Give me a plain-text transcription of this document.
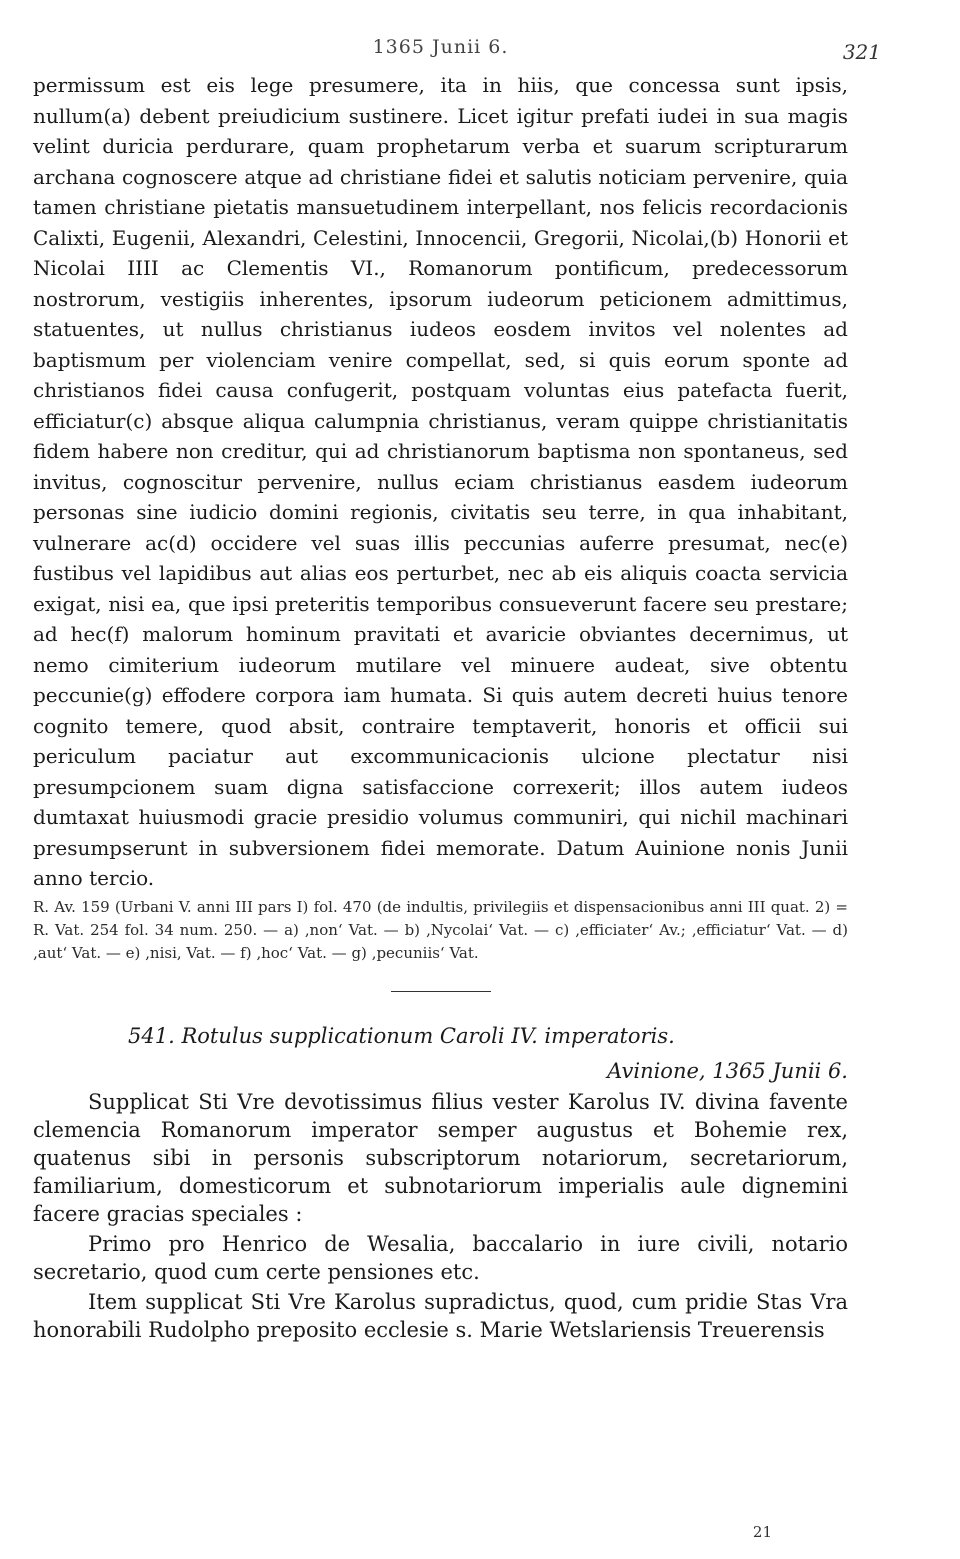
1365 Junii 6.	321

permissum est eis lege presumere, ita in hiis, que concessa sunt ipsis, nullum(a) debent preiudicium sustinere. Licet igitur prefati iudei in sua magis velint duricia perdurare, quam prophetarum verba et suarum scripturarum archana cognoscere atque ad christiane fidei et salutis noticiam pervenire, quia tamen christiane pietatis mansuetudinem interpellant, nos felicis recordacionis Calixti, Eugenii, Alexandri, Celestini, Innocencii, Gregorii, Nicolai,(b) Honorii et Nicolai IIII ac Clementis VI., Romanorum pontificum, predecessorum nostrorum, vestigiis inherentes, ipsorum iudeorum peticionem admittimus, statuentes, ut nullus christianus iudeos eosdem invitos vel nolentes ad baptismum per violenciam venire compellat, sed, si quis eorum sponte ad christianos fidei causa confugerit, postquam voluntas eius patefacta fuerit, efficiatur(c) absque aliqua calumpnia christianus, veram quippe christianitatis fidem habere non creditur, qui ad christianorum baptisma non spontaneus, sed invitus, cognoscitur pervenire, nullus eciam christianus easdem iudeorum personas sine iudicio domini regionis, civitatis seu terre, in qua inhabitant, vulnerare ac(d) occidere vel suas illis peccunias auferre presumat, nec(e) fustibus vel lapidibus aut alias eos perturbet, nec ab eis aliquis coacta servicia exigat, nisi ea, que ipsi preteritis temporibus consueverunt facere seu prestare; ad hec(f) malorum hominum pravitati et avaricie obviantes decernimus, ut nemo cimiterium iudeorum mutilare vel minuere audeat, sive obtentu peccunie(g) effodere corpora iam humata. Si quis autem decreti huius tenore cognito temere, quod absit, contraire temptaverit, honoris et officii sui periculum paciatur aut excommunicacionis ulcione plectatur nisi presumpcionem suam digna satisfaccione correxerit; illos autem iudeos dumtaxat huiusmodi gracie presidio volumus communiri, qui nichil machinari presumpserunt in subversionem fidei memorate. Datum Auinione nonis Junii anno tercio.

R. Av. 159 (Urbani V. anni III pars I) fol. 470 (de indultis, privilegiis et dispensacionibus anni III quat. 2) = R. Vat. 254 fol. 34 num. 250. — a) ‚non‘ Vat. — b) ‚Nycolai‘ Vat. — c) ‚efficiater‘ Av.; ‚efficiatur‘ Vat. — d) ‚aut‘ Vat. — e) ‚nisi, Vat. — f) ‚hoc‘ Vat. — g) ‚pecuniis‘ Vat.

541. Rotulus supplicationum Caroli IV. imperatoris.
Avinione, 1365 Junii 6.

Supplicat Sti Vre devotissimus filius vester Karolus IV. divina favente clemencia Romanorum imperator semper augustus et Bohemie rex, quatenus sibi in personis subscriptorum notariorum, secretariorum, familiarium, domesticorum et subnotariorum imperialis aule dignemini facere gracias speciales :

Primo pro Henrico de Wesalia, baccalario in iure civili, notario secretario, quod cum certe pensiones etc.

Item supplicat Sti Vre Karolus supradictus, quod, cum pridie Stas Vra honorabili Rudolpho preposito ecclesie s. Marie Wetslariensis Treuerensis

21
